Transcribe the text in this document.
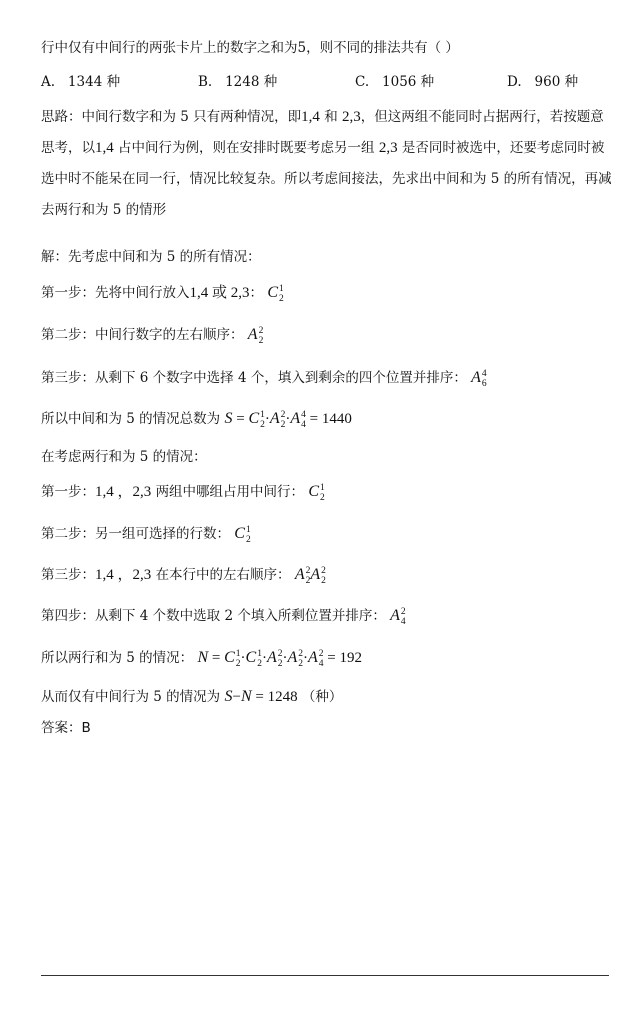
行中仅有中间行的两张卡片上的数字之和为5，则不同的排法共有（ ）
A. 1344 种	B. 1248 种	C. 1056 种	D. 960 种
思路：中间行数字和为 5 只有两种情况，即1,4 和 2,3，但这两组不能同时占据两行，若按题意思考，以1,4 占中间行为例，则在安排时既要考虑另一组 2,3 是否同时被选中，还要考虑同时被选中时不能呆在同一行，情况比较复杂。所以考虑间接法，先求出中间和为 5 的所有情况，再减去两行和为 5 的情形
解：先考虑中间和为 5 的所有情况：
第一步：先将中间行放入1,4 或 2,3： C 1
2
第二步：中间行数字的左右顺序： A 2
2
第三步：从剩下 6 个数字中选择 4 个，填入到剩余的四个位置并排序： A 4
6
所以中间和为 5 的情况总数为 S = C 1
2 ·A 2
2 ·A 4
4 = 1440
在考虑两行和为 5 的情况：
第一步：1,4 ，2,3 两组中哪组占用中间行： C 1
2
第二步：另一组可选择的行数： C 1
2
第三步：1,4 ，2,3 在本行中的左右顺序： A 2
2 A 2
2
第四步：从剩下 4 个数中选取 2 个填入所剩位置并排序： A 2
4
所以两行和为 5 的情况： N = C 1
2 ·C 1
2 ·A 2
2 ·A 2
2 ·A 2
4 = 192
从而仅有中间行为 5 的情况为 S−N = 1248 （种）
答案：B
